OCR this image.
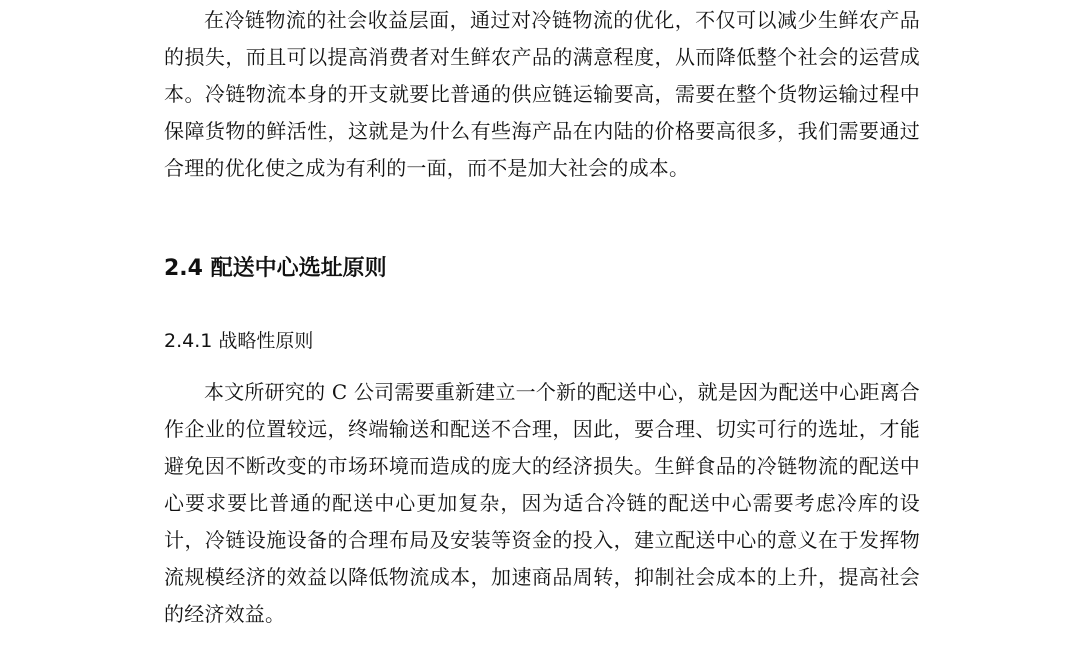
在冷链物流的社会收益层面，通过对冷链物流的优化，不仅可以减少生鲜农产品的损失，而且可以提高消费者对生鲜农产品的满意程度，从而降低整个社会的运营成本。冷链物流本身的开支就要比普通的供应链运输要高，需要在整个货物运输过程中保障货物的鲜活性，这就是为什么有些海产品在内陆的价格要高很多，我们需要通过合理的优化使之成为有利的一面，而不是加大社会的成本。

2.4 配送中心选址原则
2.4.1 战略性原则

本文所研究的 C 公司需要重新建立一个新的配送中心，就是因为配送中心距离合作企业的位置较远，终端输送和配送不合理，因此，要合理、切实可行的选址，才能避免因不断改变的市场环境而造成的庞大的经济损失。生鲜食品的冷链物流的配送中心要求要比普通的配送中心更加复杂，因为适合冷链的配送中心需要考虑冷库的设计，冷链设施设备的合理布局及安装等资金的投入，建立配送中心的意义在于发挥物流规模经济的效益以降低物流成本，加速商品周转，抑制社会成本的上升，提高社会的经济效益。
